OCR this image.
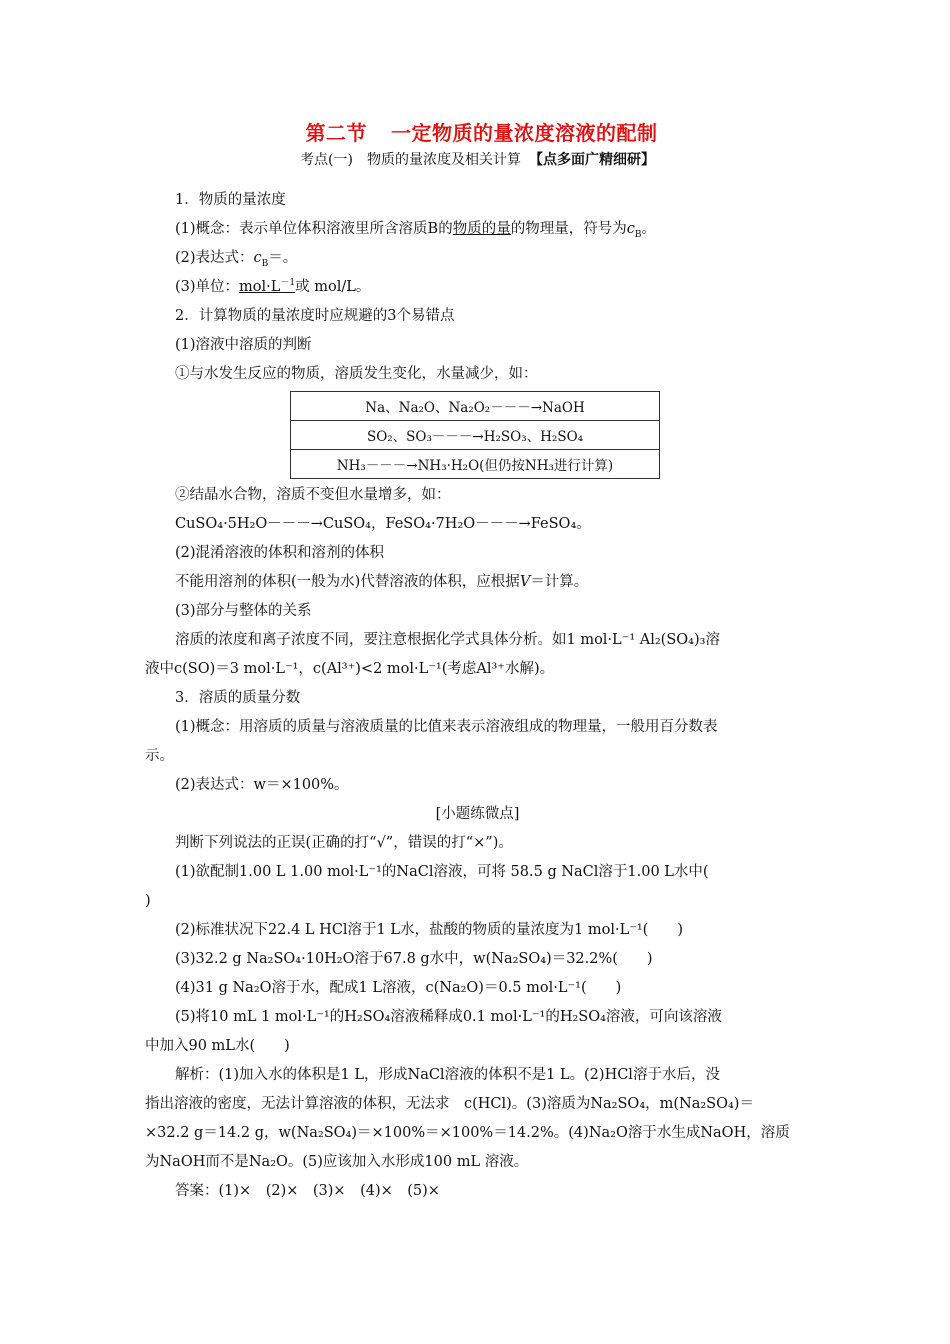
第二节 一定物质的量浓度溶液的配制
考点(一)　物质的量浓度及相关计算 【点多面广精细研】
1．物质的量浓度
(1)概念：表示单位体积溶液里所含溶质B的物质的量的物理量，符号为$c_B$。
(2)表达式：$c_B=$。
(3)单位：$mol\cdot L^{-1}$或 mol/L。
2．计算物质的量浓度时应规避的3个易错点
(1)溶液中溶质的判断
①与水发生反应的物质，溶质发生变化，水量减少，如：
Na、Na₂O、Na₂O₂－－－→NaOH
SO₂、SO₃－－－→H₂SO₃、H₂SO₄
NH₃－－－→NH₃·H₂O(但仍按NH₃进行计算)
②结晶水合物，溶质不变但水量增多，如：
CuSO₄·5H₂O－－－→CuSO₄，FeSO₄·7H₂O－－－→FeSO₄。
(2)混淆溶液的体积和溶剂的体积
不能用溶剂的体积(一般为水)代替溶液的体积，应根据V＝计算。
(3)部分与整体的关系
溶质的浓度和离子浓度不同，要注意根据化学式具体分析。如1 mol·L⁻¹ Al₂(SO₄)₃溶
液中c(SO)＝3 mol·L⁻¹，c(Al³⁺)<2 mol·L⁻¹(考虑Al³⁺水解)。
3．溶质的质量分数
(1)概念：用溶质的质量与溶液质量的比值来表示溶液组成的物理量，一般用百分数表
示。
(2)表达式：w＝×100%。
[小题练微点]
判断下列说法的正误(正确的打“√”，错误的打“×”)。
(1)欲配制1.00 L 1.00 mol·L⁻¹的NaCl溶液，可将 58.5 g NaCl溶于1.00 L水中(
)
(2)标准状况下22.4 L HCl溶于1 L水，盐酸的物质的量浓度为1 mol·L⁻¹(　　)
(3)32.2 g Na₂SO₄·10H₂O溶于67.8 g水中，w(Na₂SO₄)＝32.2%(　　)
(4)31 g Na₂O溶于水，配成1 L溶液，c(Na₂O)＝0.5 mol·L⁻¹(　　)
(5)将10 mL 1 mol·L⁻¹的H₂SO₄溶液稀释成0.1 mol·L⁻¹的H₂SO₄溶液，可向该溶液
中加入90 mL水(　　)
解析：(1)加入水的体积是1 L，形成NaCl溶液的体积不是1 L。(2)HCl溶于水后，没
指出溶液的密度，无法计算溶液的体积，无法求　c(HCl)。(3)溶质为Na₂SO₄，m(Na₂SO₄)＝
×32.2 g＝14.2 g，w(Na₂SO₄)＝×100%＝×100%＝14.2%。(4)Na₂O溶于水生成NaOH，溶质
为NaOH而不是Na₂O。(5)应该加入水形成100 mL 溶液。
答案：(1)×　(2)×　(3)×　(4)×　(5)×
